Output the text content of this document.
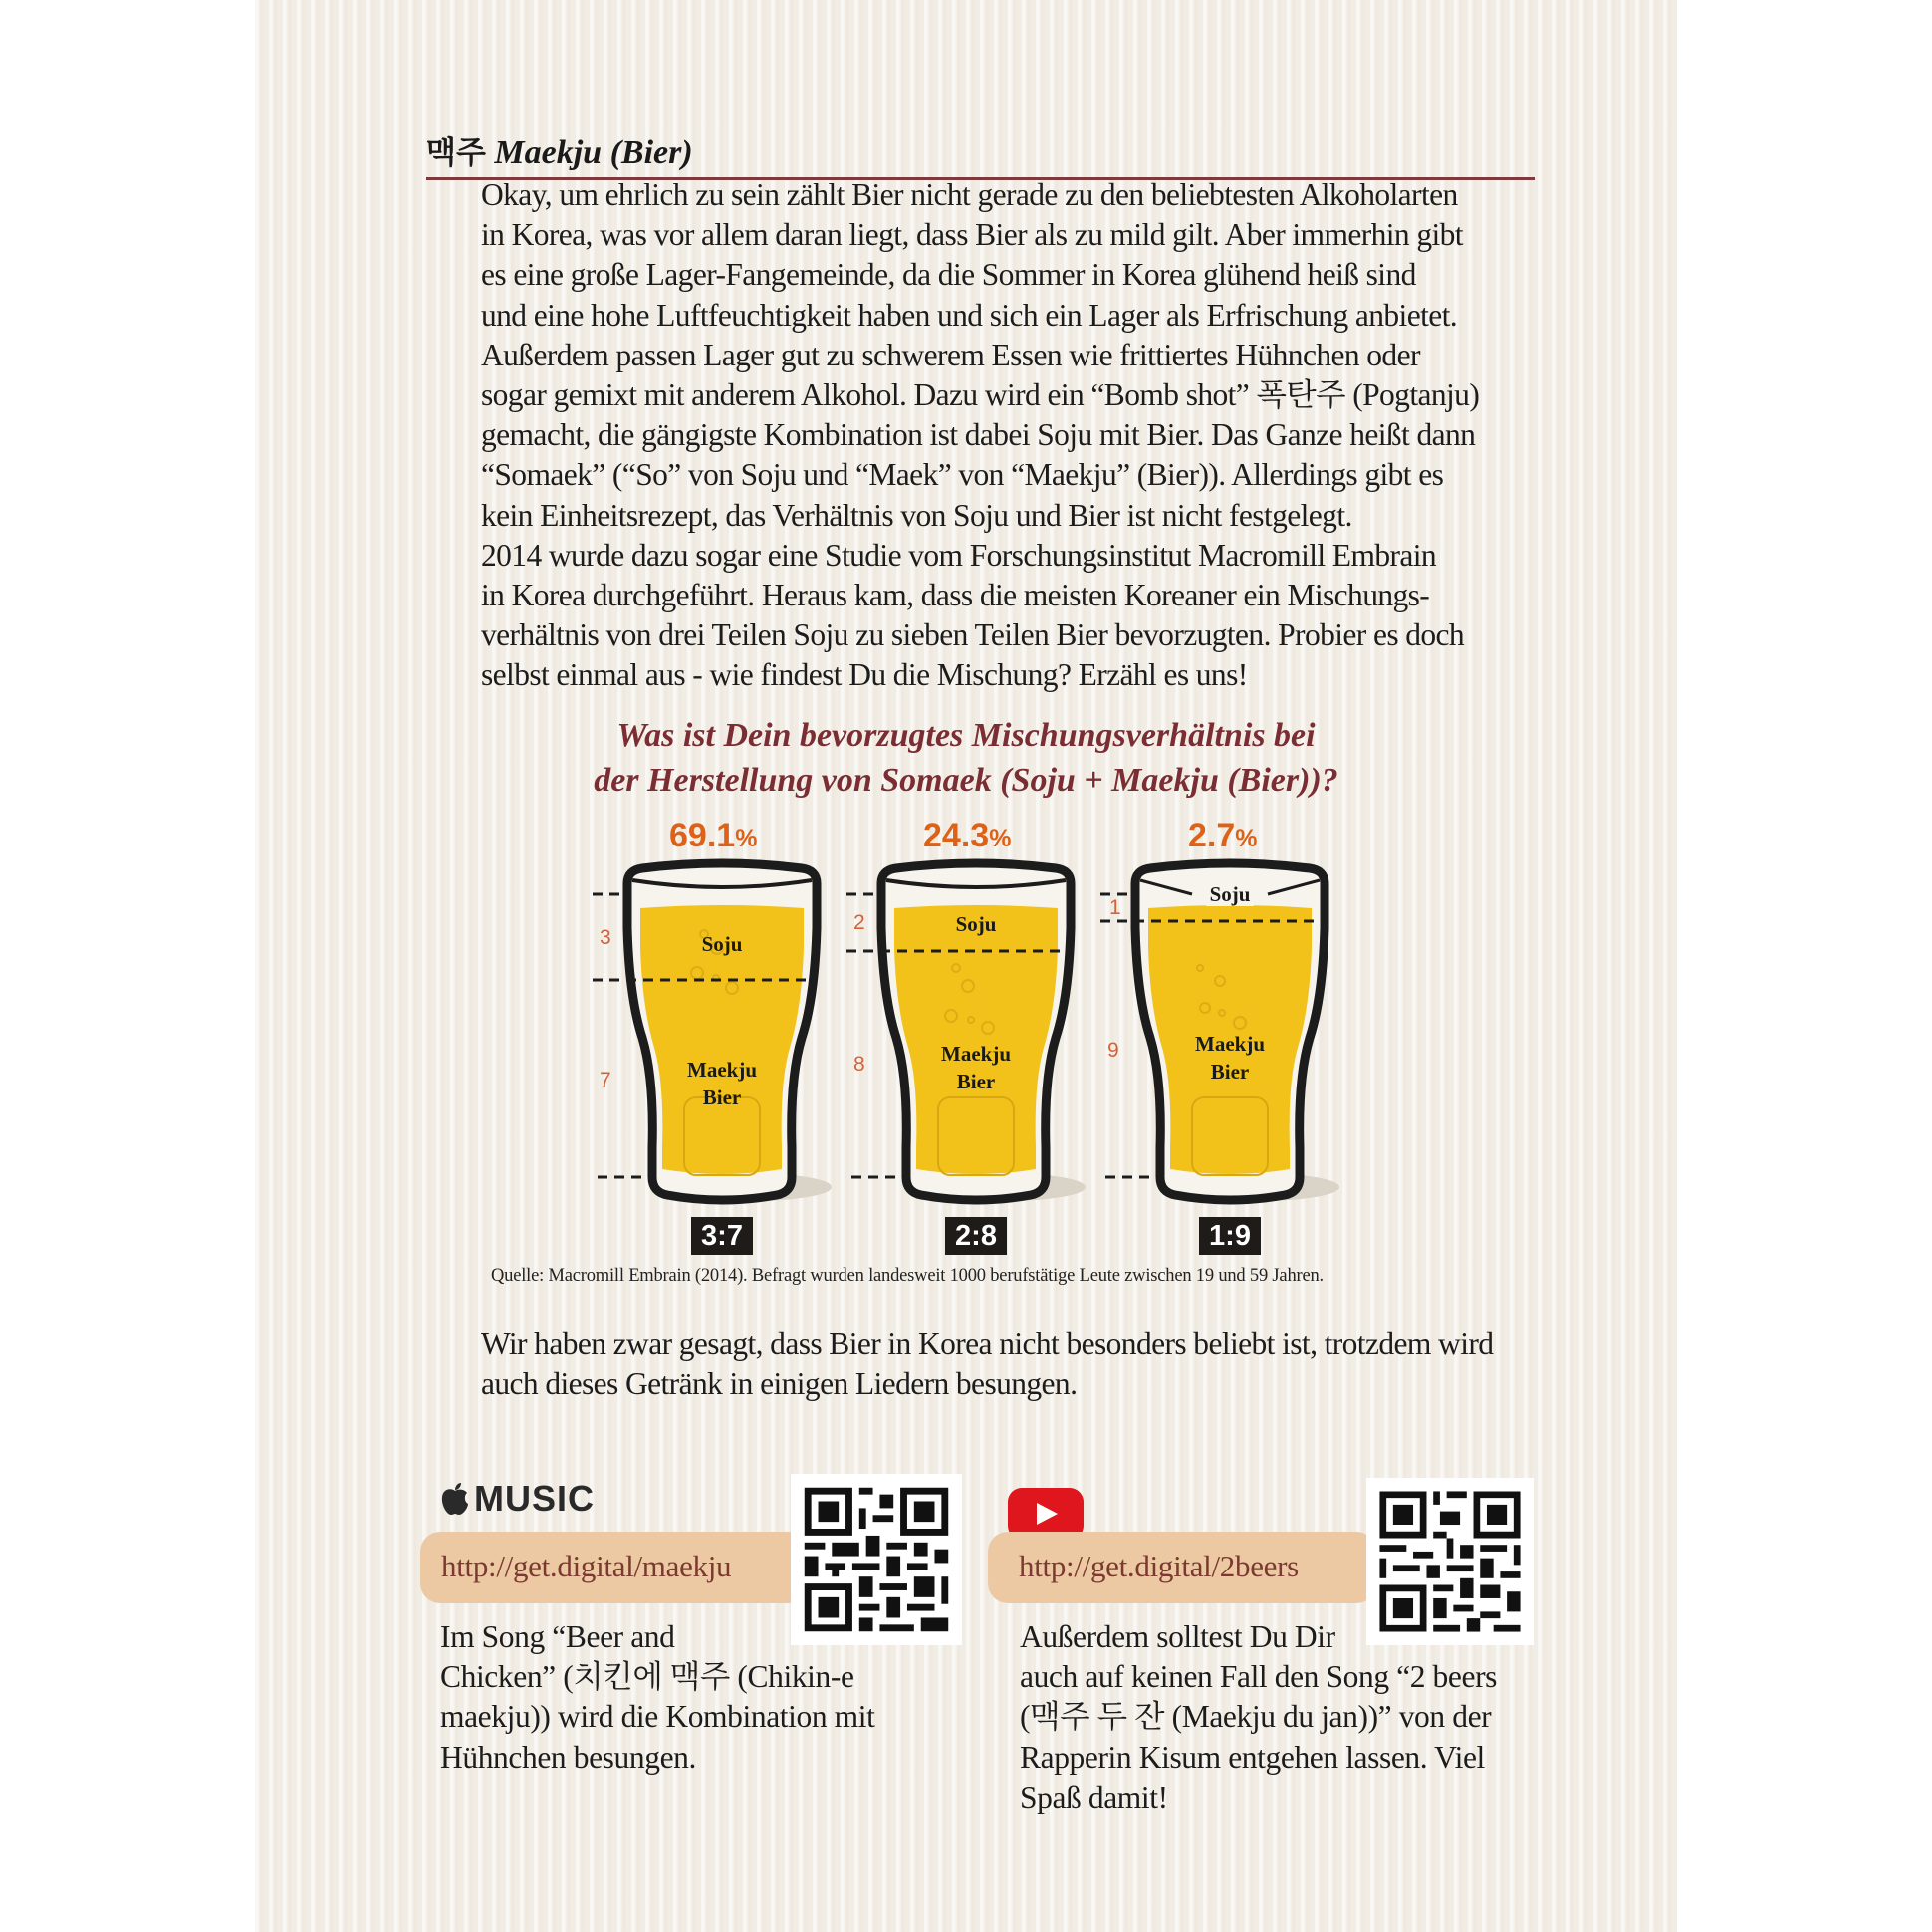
맥주 Maekju (Bier)
Okay, um ehrlich zu sein zählt Bier nicht gerade zu den beliebtesten Alkoholarten
in Korea, was vor allem daran liegt, dass Bier als zu mild gilt. Aber immerhin gibt
es eine große Lager-Fangemeinde, da die Sommer in Korea glühend heiß sind
und eine hohe Luftfeuchtigkeit haben und sich ein Lager als Erfrischung anbietet.
Außerdem passen Lager gut zu schwerem Essen wie frittiertes Hühnchen oder
sogar gemixt mit anderem Alkohol. Dazu wird ein “Bomb shot” 폭탄주 (Pogtanju)
gemacht, die gängigste Kombination ist dabei Soju mit Bier. Das Ganze heißt dann
“Somaek” (“So” von Soju und “Maek” von “Maekju” (Bier)). Allerdings gibt es
kein Einheitsrezept, das Verhältnis von Soju und Bier ist nicht festgelegt.
2014 wurde dazu sogar eine Studie vom Forschungsinstitut Macromill Embrain
in Korea durchgeführt. Heraus kam, dass die meisten Koreaner ein Mischungs-
verhältnis von drei Teilen Soju zu sieben Teilen Bier bevorzugten. Probier es doch
selbst einmal aus - wie findest Du die Mischung? Erzähl es uns!
Was ist Dein bevorzugtes Mischungsverhältnis bei
der Herstellung von Somaek (Soju + Maekju (Bier))?
69.1%	24.3%	2.7%
3
7
2
8
1
9
Soju
Maekju
Bier
Soju
Maekju
Bier
Soju
Maekju
Bier
3:7	2:8	1:9
Quelle: Macromill Embrain (2014). Befragt wurden landesweit 1000 berufstätige Leute zwischen 19 und 59 Jahren.
Wir haben zwar gesagt, dass Bier in Korea nicht besonders beliebt ist, trotzdem wird
auch dieses Getränk in einigen Liedern besungen.
MUSIC
http://get.digital/maekju
Im Song “Beer and
Chicken” (치킨에 맥주 (Chikin-e
maekju)) wird die Kombination mit
Hühnchen besungen.
http://get.digital/2beers
Außerdem solltest Du Dir
auch auf keinen Fall den Song “2 beers
(맥주 두 잔 (Maekju du jan))” von der
Rapperin Kisum entgehen lassen. Viel
Spaß damit!
